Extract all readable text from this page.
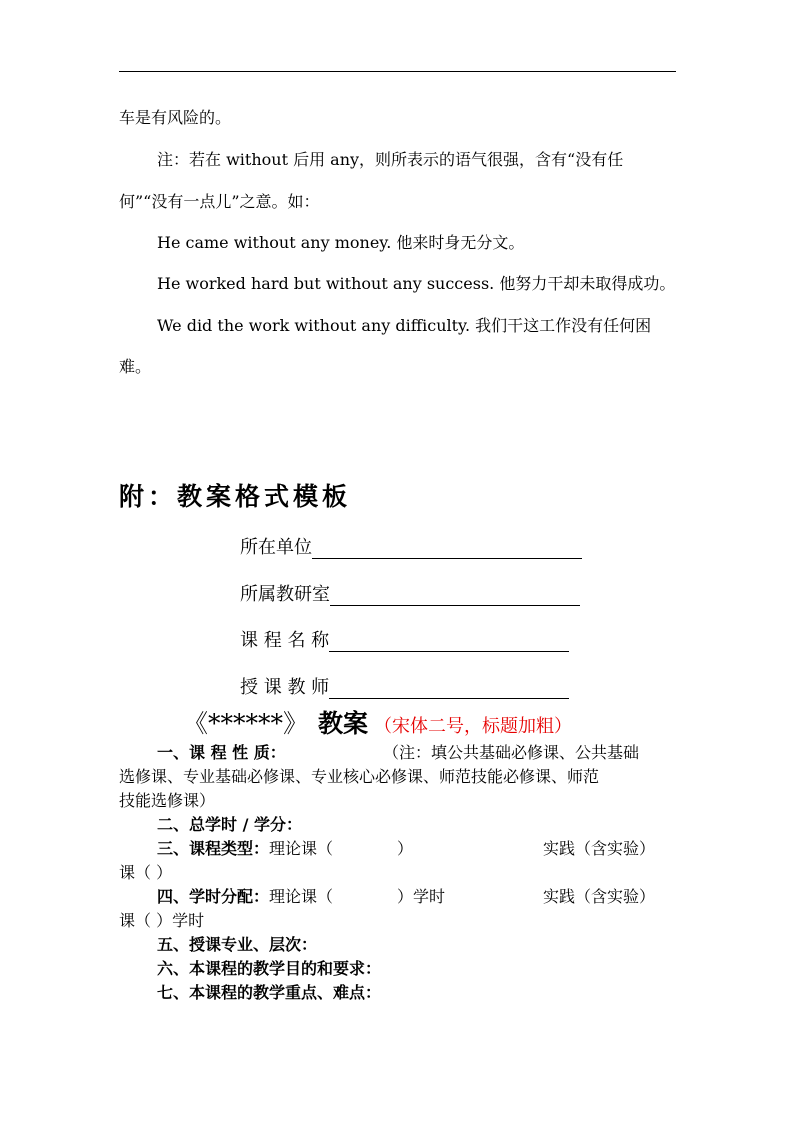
车是有风险的。
注：若在 without 后用 any，则所表示的语气很强，含有“没有任
何”“没有一点儿”之意。如：
He came without any money. 他来时身无分文。
He worked hard but without any success. 他努力干却未取得成功。
We did the work without any difficulty. 我们干这工作没有任何困
难。
附：教案格式模板
所在单位
所属教研室
课 程 名 称
授 课 教 师
《******》 教案 （宋体二号，标题加粗）
一、课 程 性 质：	（注：填公共基础必修课、公共基础
选修课、专业基础必修课、专业核心必修课、师范技能必修课、师范
技能选修课）
二、总学时 / 学分：
三、课程类型：理论课（	）	实践（含实验）
课（ ）
四、学时分配：理论课（	）学时	实践（含实验）
课（ ）学时
五、授课专业、层次：
六、本课程的教学目的和要求：
七、本课程的教学重点、难点：
